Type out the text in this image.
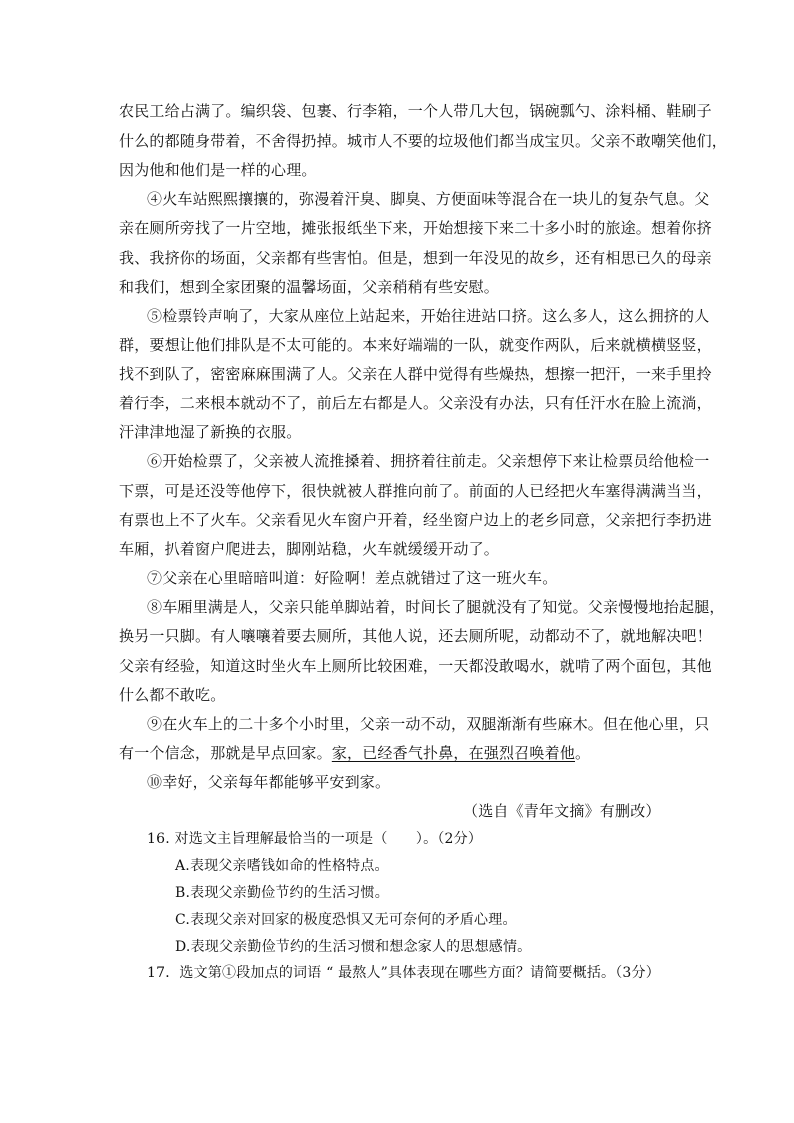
农民工给占满了。编织袋、包裹、行李箱，一个人带几大包，锅碗瓢勺、涂料桶、鞋刷子
什么的都随身带着，不舍得扔掉。城市人不要的垃圾他们都当成宝贝。父亲不敢嘲笑他们，
因为他和他们是一样的心理。
④火车站熙熙攘攘的，弥漫着汗臭、脚臭、方便面味等混合在一块儿的复杂气息。父
亲在厕所旁找了一片空地，摊张报纸坐下来，开始想接下来二十多小时的旅途。想着你挤
我、我挤你的场面，父亲都有些害怕。但是，想到一年没见的故乡，还有相思已久的母亲
和我们，想到全家团聚的温馨场面，父亲稍稍有些安慰。
⑤检票铃声响了，大家从座位上站起来，开始往进站口挤。这么多人，这么拥挤的人
群，要想让他们排队是不太可能的。本来好端端的一队，就变作两队，后来就横横竖竖，
找不到队了，密密麻麻围满了人。父亲在人群中觉得有些燥热，想擦一把汗，一来手里拎
着行李，二来根本就动不了，前后左右都是人。父亲没有办法，只有任汗水在脸上流淌，
汗津津地湿了新换的衣服。
⑥开始检票了，父亲被人流推搡着、拥挤着往前走。父亲想停下来让检票员给他检一
下票，可是还没等他停下，很快就被人群推向前了。前面的人已经把火车塞得满满当当，
有票也上不了火车。父亲看见火车窗户开着，经坐窗户边上的老乡同意，父亲把行李扔进
车厢，扒着窗户爬进去，脚刚站稳，火车就缓缓开动了。
⑦父亲在心里暗暗叫道：好险啊！差点就错过了这一班火车。
⑧车厢里满是人，父亲只能单脚站着，时间长了腿就没有了知觉。父亲慢慢地抬起腿，
换另一只脚。有人嚷嚷着要去厕所，其他人说，还去厕所呢，动都动不了，就地解决吧！
父亲有经验，知道这时坐火车上厕所比较困难，一天都没敢喝水，就啃了两个面包，其他
什么都不敢吃。
⑨在火车上的二十多个小时里，父亲一动不动，双腿渐渐有些麻木。但在他心里，只
有一个信念，那就是早点回家。家，已经香气扑鼻，在强烈召唤着他。
⑩幸好，父亲每年都能够平安到家。
（选自《青年文摘》有删改）
16. 对选文主旨理解最恰当的一项是（　　）。（2分）
A.表现父亲嗜钱如命的性格特点。
B.表现父亲勤俭节约的生活习惯。
C.表现父亲对回家的极度恐惧又无可奈何的矛盾心理。
D.表现父亲勤俭节约的生活习惯和想念家人的思想感情。
17．选文第①段加点的词语 “ 最熬人”具体表现在哪些方面？请简要概括。（3分）
